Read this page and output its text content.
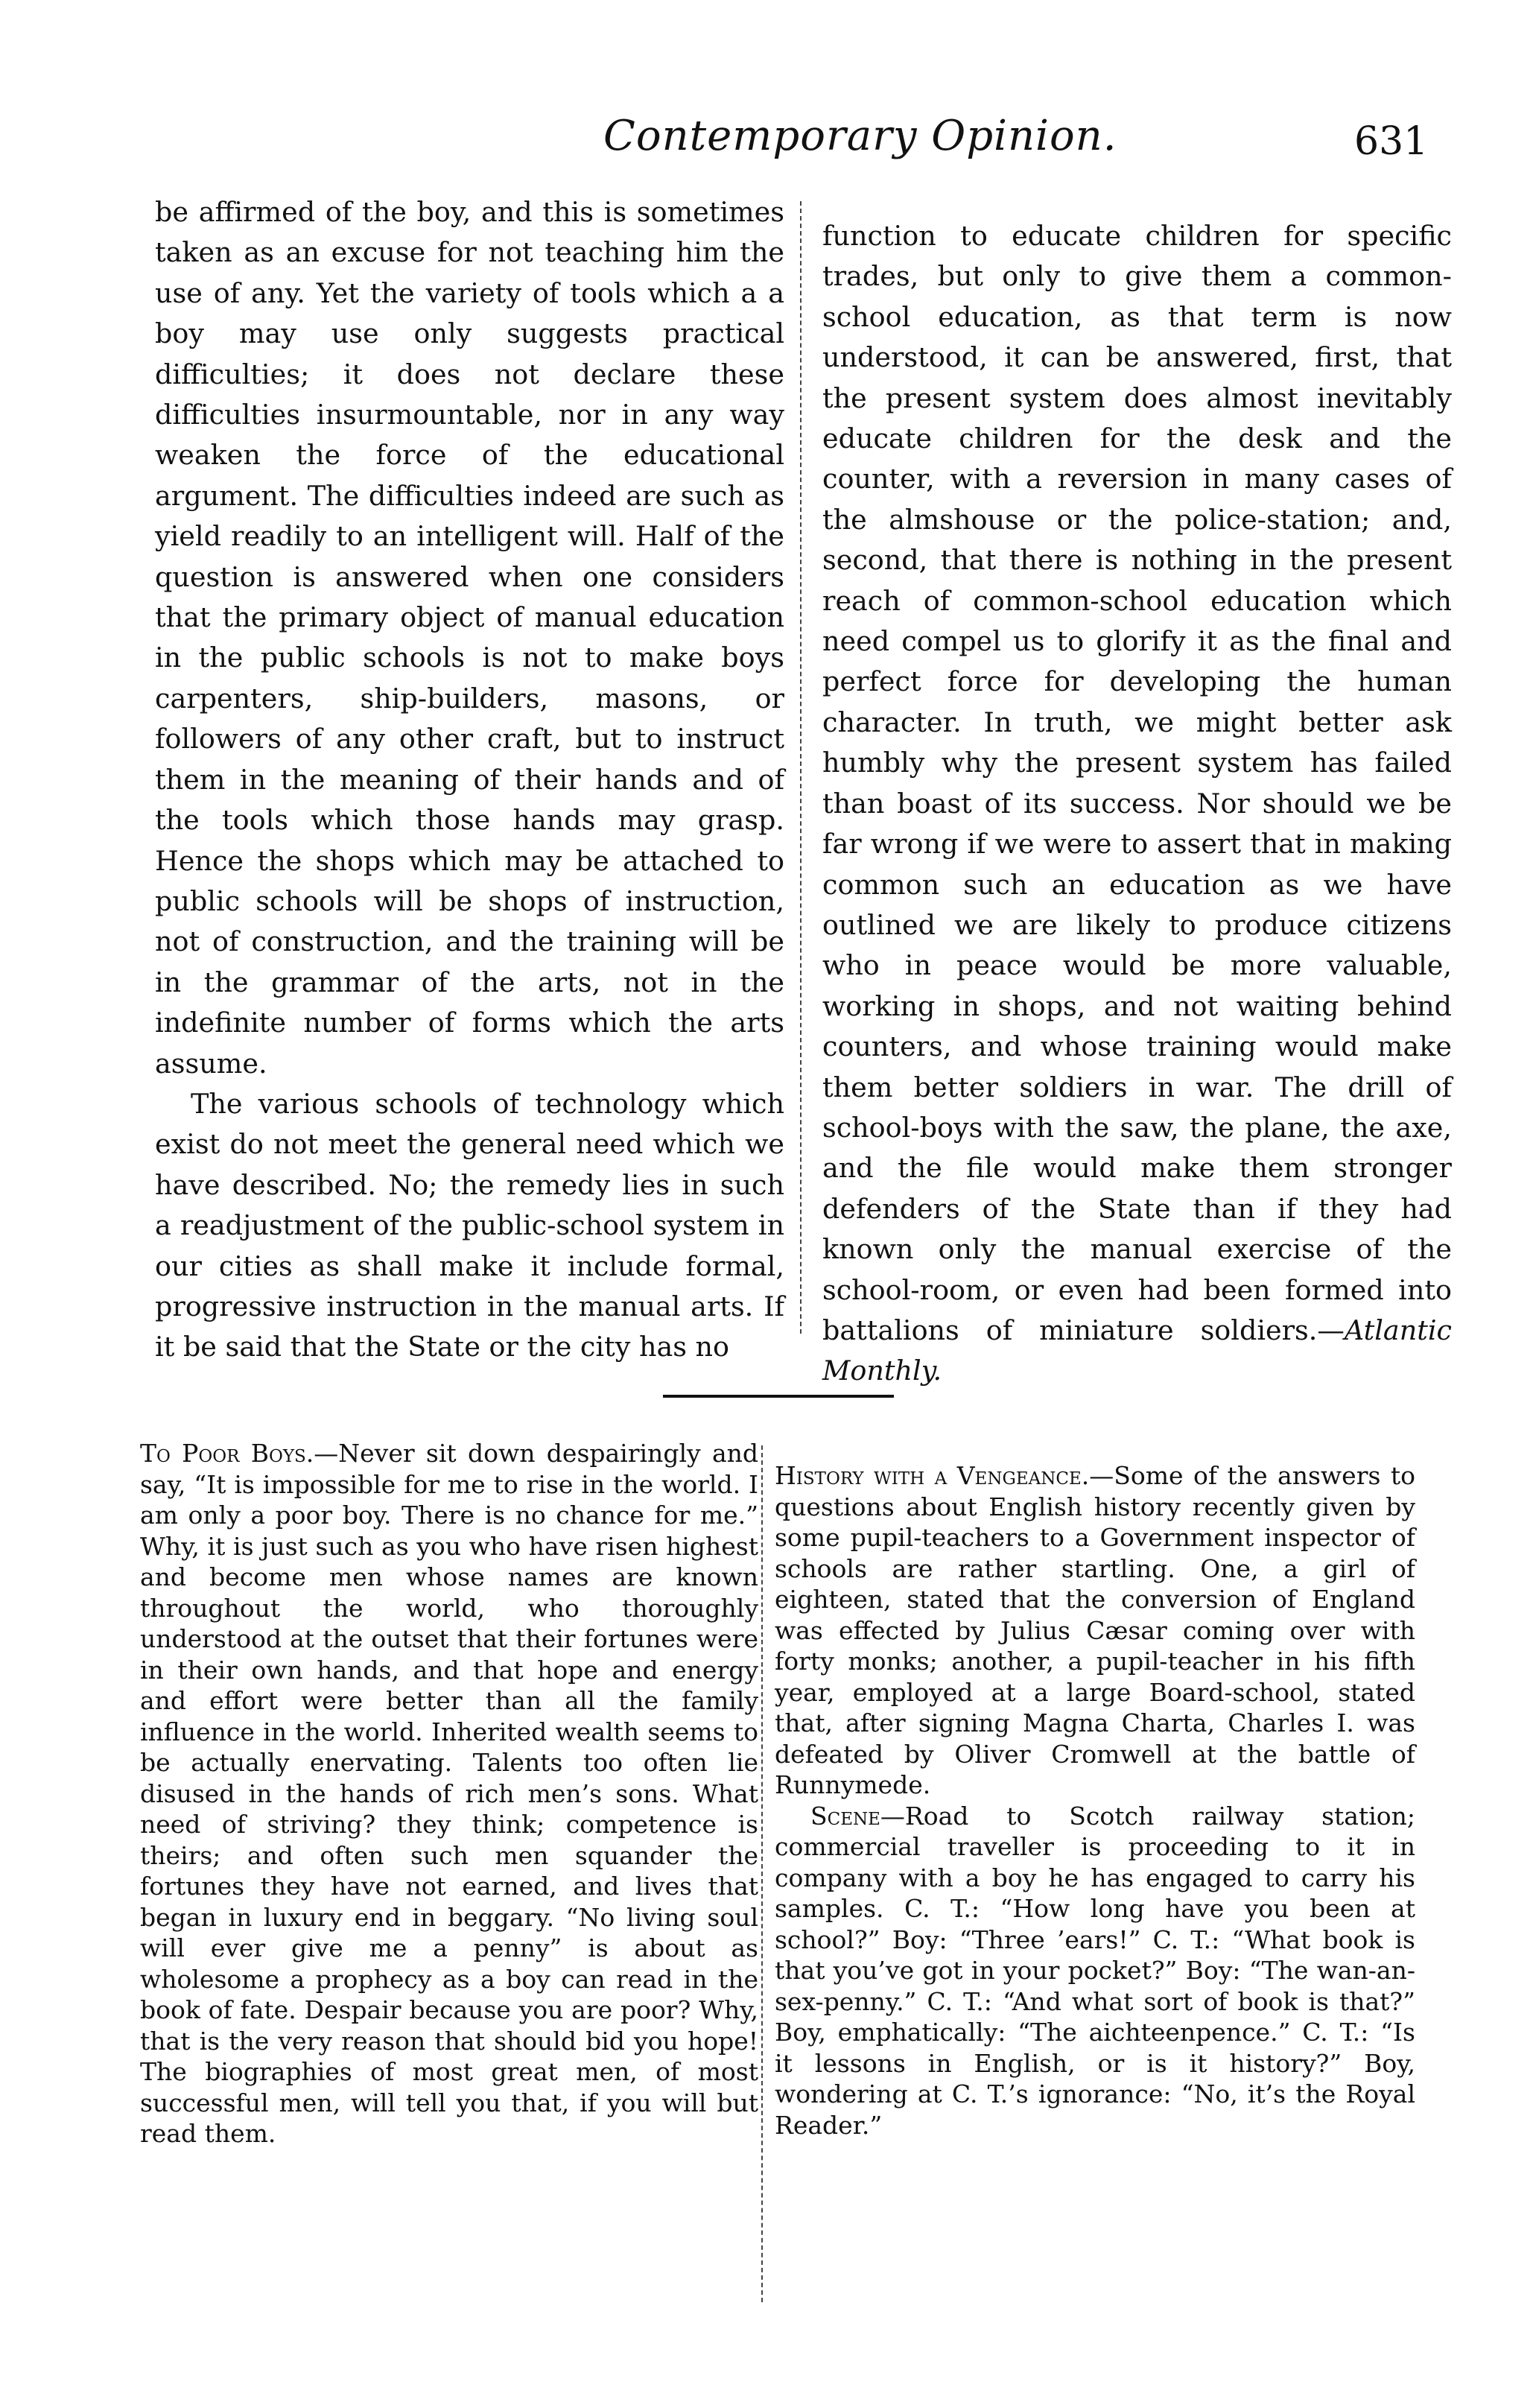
Contemporary Opinion.	631

be affirmed of the boy, and this is sometimes taken as an excuse for not teaching him the use of any. Yet the variety of tools which a a boy may use only suggests practical difficulties; it does not declare these difficulties insurmountable, nor in any way weaken the force of the educational argument. The difficulties indeed are such as yield readily to an intelligent will. Half of the question is answered when one considers that the primary object of manual education in the public schools is not to make boys carpenters, ship-builders, masons, or followers of any other craft, but to instruct them in the meaning of their hands and of the tools which those hands may grasp. Hence the shops which may be attached to public schools will be shops of instruction, not of construction, and the training will be in the grammar of the arts, not in the indefinite number of forms which the arts assume.

The various schools of technology which exist do not meet the general need which we have described. No; the remedy lies in such a readjustment of the public-school system in our cities as shall make it include formal, progressive instruction in the manual arts. If it be said that the State or the city has no

function to educate children for specific trades, but only to give them a common-school education, as that term is now understood, it can be answered, first, that the present system does almost inevitably educate children for the desk and the counter, with a reversion in many cases of the almshouse or the police-station; and, second, that there is nothing in the present reach of common-school education which need compel us to glorify it as the final and perfect force for developing the human character. In truth, we might better ask humbly why the present system has failed than boast of its success. Nor should we be far wrong if we were to assert that in making common such an education as we have outlined we are likely to produce citizens who in peace would be more valuable, working in shops, and not waiting behind counters, and whose training would make them better soldiers in war. The drill of school-boys with the saw, the plane, the axe, and the file would make them stronger defenders of the State than if they had known only the manual exercise of the school-room, or even had been formed into battalions of miniature soldiers.—Atlantic Monthly.

To Poor Boys.—Never sit down despairingly and say, “It is impossible for me to rise in the world. I am only a poor boy. There is no chance for me.” Why, it is just such as you who have risen highest and become men whose names are known throughout the world, who thoroughly understood at the outset that their fortunes were in their own hands, and that hope and energy and effort were better than all the family influence in the world. Inherited wealth seems to be actually enervating. Talents too often lie disused in the hands of rich men’s sons. What need of striving? they think; competence is theirs; and often such men squander the fortunes they have not earned, and lives that began in luxury end in beggary. “No living soul will ever give me a penny” is about as wholesome a prophecy as a boy can read in the book of fate. Despair because you are poor? Why, that is the very reason that should bid you hope! The biographies of most great men, of most successful men, will tell you that, if you will but read them.

History with a Vengeance.—Some of the answers to questions about English history recently given by some pupil-teachers to a Government inspector of schools are rather startling. One, a girl of eighteen, stated that the conversion of England was effected by Julius Cæsar coming over with forty monks; another, a pupil-teacher in his fifth year, employed at a large Board-school, stated that, after signing Magna Charta, Charles I. was defeated by Oliver Cromwell at the battle of Runnymede.

Scene—Road to Scotch railway station; commercial traveller is proceeding to it in company with a boy he has engaged to carry his samples. C. T.: “How long have you been at school?” Boy: “Three ’ears!” C. T.: “What book is that you’ve got in your pocket?” Boy: “The wan-an-sex-penny.” C. T.: “And what sort of book is that?” Boy, emphatically: “The aichteenpence.” C. T.: “Is it lessons in English, or is it history?” Boy, wondering at C. T.’s ignorance: “No, it’s the Royal Reader.”
